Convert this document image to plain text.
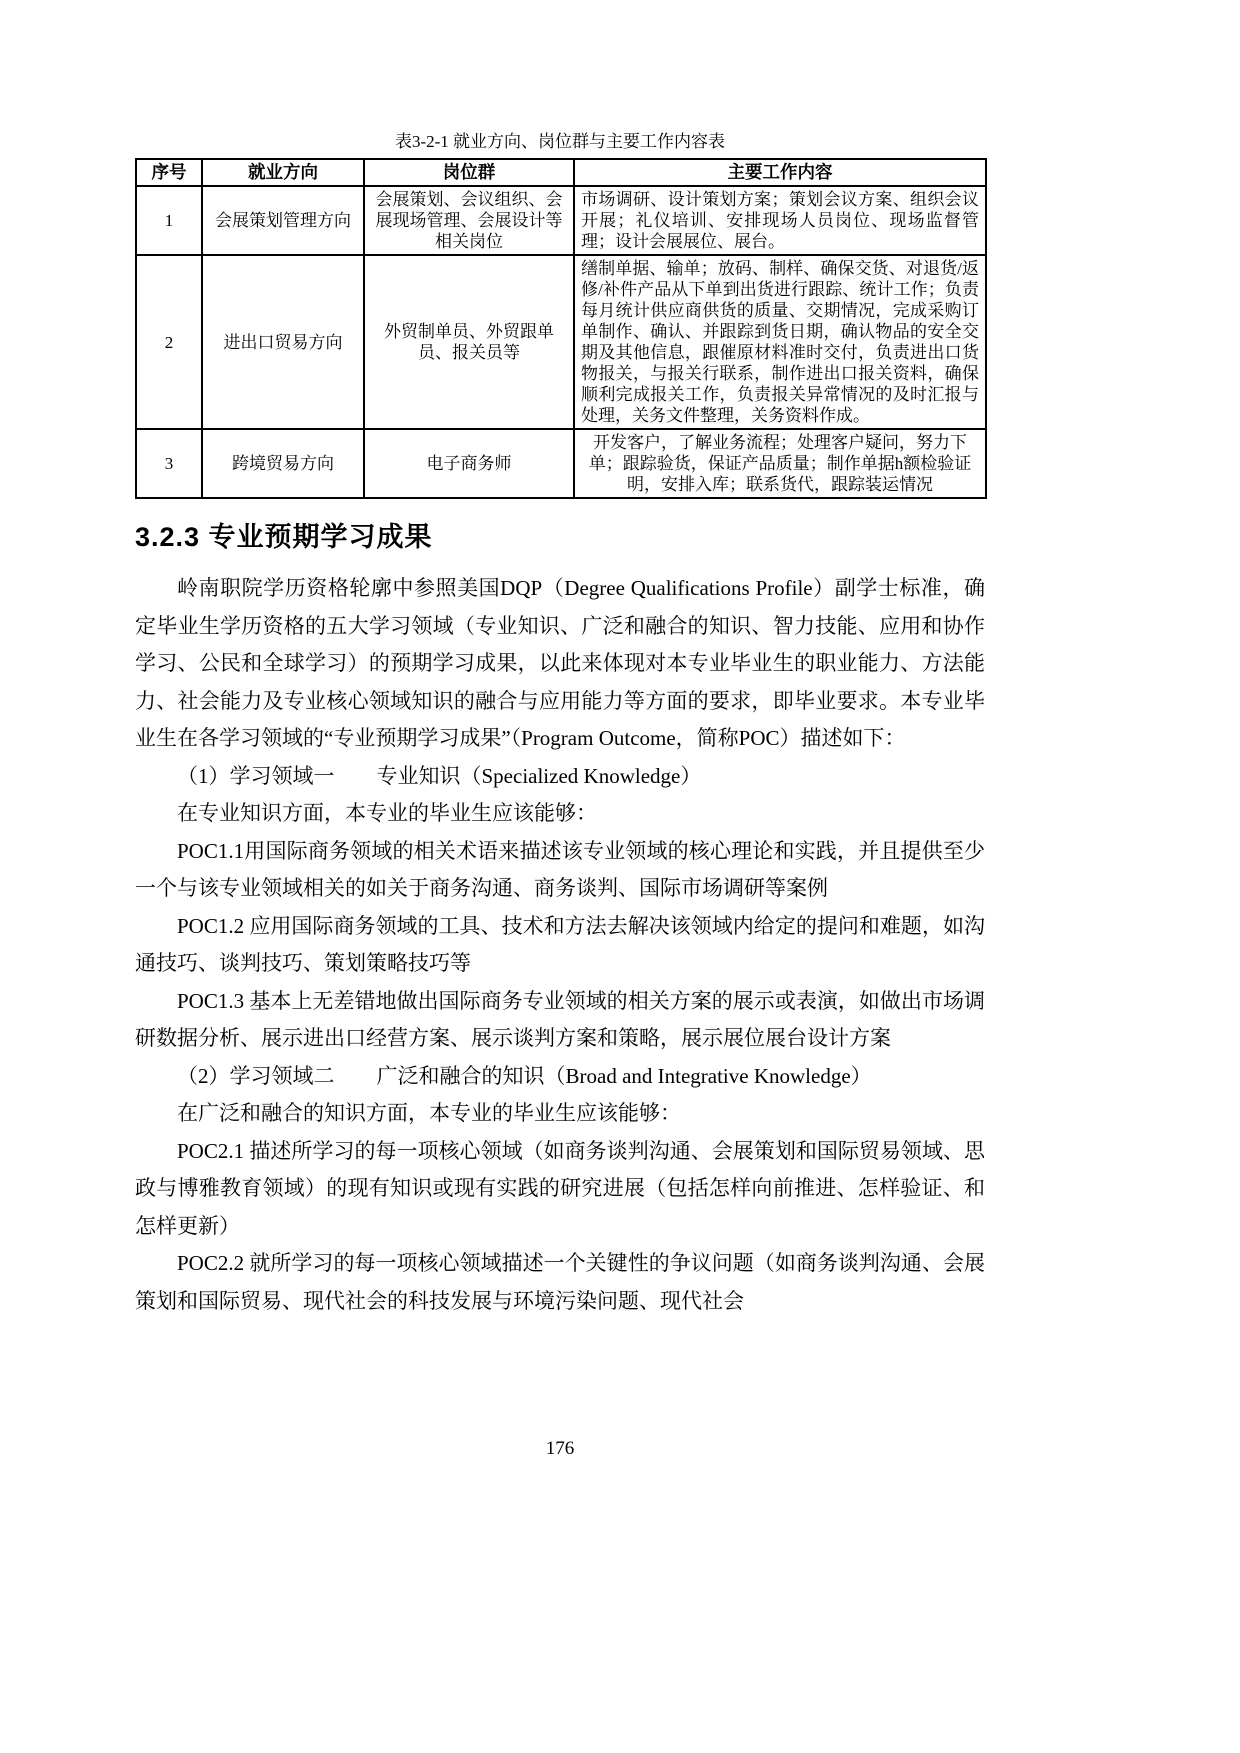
表3-2-1 就业方向、岗位群与主要工作内容表
序号	就业方向	岗位群	主要工作内容
1	会展策划管理方向	会展策划、会议组织、会展现场管理、会展设计等相关岗位	市场调研、设计策划方案；策划会议方案、组织会议开展；礼仪培训、安排现场人员岗位、现场监督管理；设计会展展位、展台。
2	进出口贸易方向	外贸制单员、外贸跟单员、报关员等	缮制单据、输单；放码、制样、确保交货、对退货/返修/补件产品从下单到出货进行跟踪、统计工作；负责每月统计供应商供货的质量、交期情况，完成采购订单制作、确认、并跟踪到货日期，确认物品的安全交期及其他信息，跟催原材料准时交付，负责进出口货物报关，与报关行联系，制作进出口报关资料，确保顺利完成报关工作，负责报关异常情况的及时汇报与处理，关务文件整理，关务资料作成。
3	跨境贸易方向	电子商务师	开发客户，了解业务流程；处理客户疑问，努力下单；跟踪验货，保证产品质量；制作单据h额检验证明，安排入库；联系货代，跟踪装运情况
3.2.3 专业预期学习成果

岭南职院学历资格轮廓中参照美国DQP（Degree Qualifications Profile）副学士标准，确定毕业生学历资格的五大学习领域（专业知识、广泛和融合的知识、智力技能、应用和协作学习、公民和全球学习）的预期学习成果，以此来体现对本专业毕业生的职业能力、方法能力、社会能力及专业核心领域知识的融合与应用能力等方面的要求，即毕业要求。本专业毕业生在各学习领域的“专业预期学习成果”（Program Outcome，简称POC）描述如下：

（1）学习领域一　　专业知识（Specialized Knowledge）

在专业知识方面，本专业的毕业生应该能够：

POC1.1用国际商务领域的相关术语来描述该专业领域的核心理论和实践，并且提供至少一个与该专业领域相关的如关于商务沟通、商务谈判、国际市场调研等案例

POC1.2 应用国际商务领域的工具、技术和方法去解决该领域内给定的提问和难题，如沟通技巧、谈判技巧、策划策略技巧等

POC1.3 基本上无差错地做出国际商务专业领域的相关方案的展示或表演，如做出市场调研数据分析、展示进出口经营方案、展示谈判方案和策略，展示展位展台设计方案

（2）学习领域二　　广泛和融合的知识（Broad and Integrative Knowledge）

在广泛和融合的知识方面，本专业的毕业生应该能够：

POC2.1 描述所学习的每一项核心领域（如商务谈判沟通、会展策划和国际贸易领域、思政与博雅教育领域）的现有知识或现有实践的研究进展（包括怎样向前推进、怎样验证、和怎样更新）

POC2.2 就所学习的每一项核心领域描述一个关键性的争议问题（如商务谈判沟通、会展策划和国际贸易、现代社会的科技发展与环境污染问题、现代社会

176
